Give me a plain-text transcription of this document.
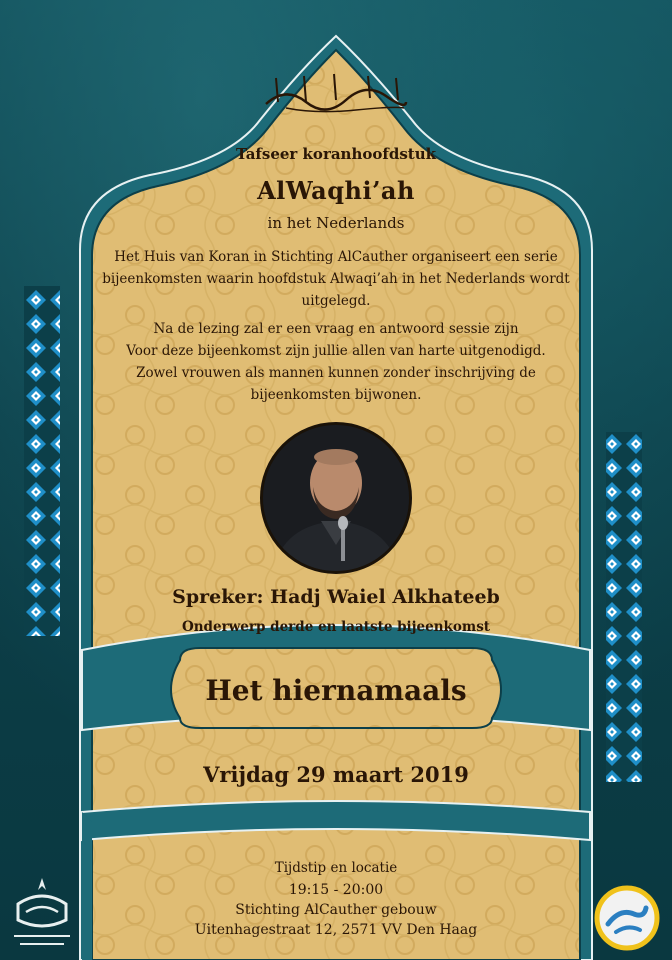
Tafseer koranhoofdstuk
AlWaqhi’ah
in het Nederlands
Het Huis van Koran in Stichting AlCauther organiseert een serie bijeenkomsten waarin hoofdstuk Alwaqi’ah in het Nederlands wordt uitgelegd.
Na de lezing zal er een vraag en antwoord sessie zijn
Voor deze bijeenkomst zijn jullie allen van harte uitgenodigd.
Zowel vrouwen als mannen kunnen zonder inschrijving de bijeenkomsten bijwonen.
Spreker: Hadj Waiel Alkhateeb
Onderwerp derde en laatste bijeenkomst
Het hiernamaals
Vrijdag 29 maart 2019
Tijdstip en locatie
19:15 - 20:00
Stichting AlCauther gebouw
Uitenhagestraat 12, 2571 VV Den Haag
